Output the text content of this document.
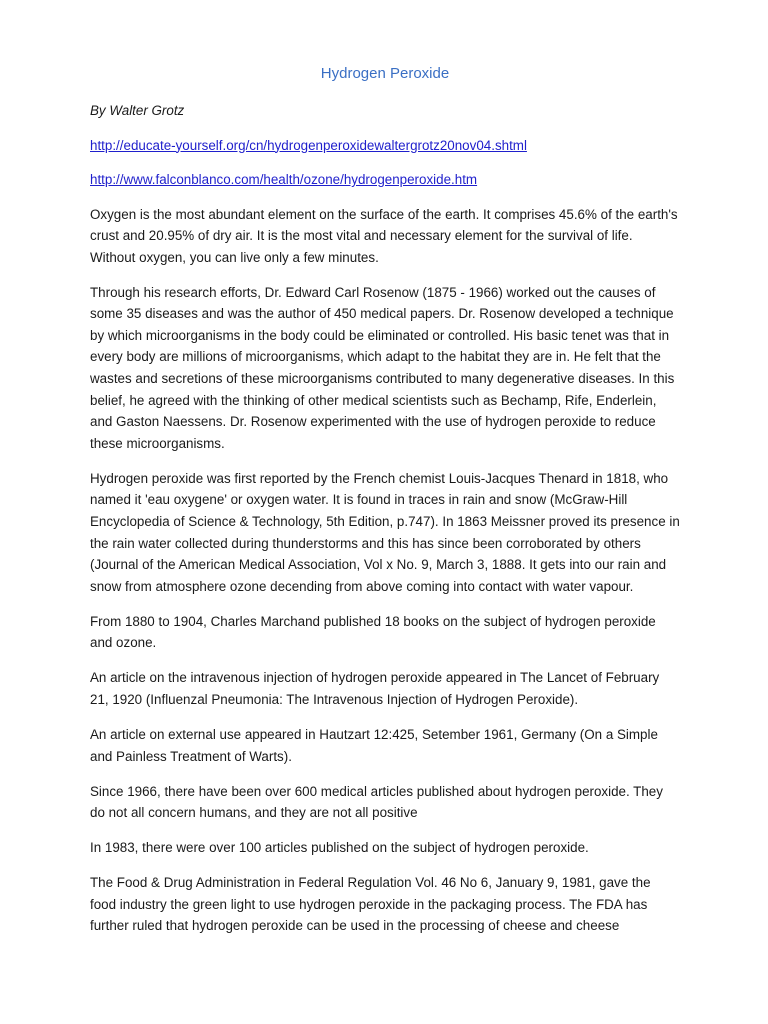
Hydrogen Peroxide

By Walter Grotz

http://educate-yourself.org/cn/hydrogenperoxidewaltergrotz20nov04.shtml
http://www.falconblanco.com/health/ozone/hydrogenperoxide.htm

Oxygen is the most abundant element on the surface of the earth. It comprises 45.6% of the earth's crust and 20.95% of dry air. It is the most vital and necessary element for the survival of life. Without oxygen, you can live only a few minutes.

Through his research efforts, Dr. Edward Carl Rosenow (1875 - 1966) worked out the causes of some 35 diseases and was the author of 450 medical papers. Dr. Rosenow developed a technique by which microorganisms in the body could be eliminated or controlled. His basic tenet was that in every body are millions of microorganisms, which adapt to the habitat they are in. He felt that the wastes and secretions of these microorganisms contributed to many degenerative diseases. In this belief, he agreed with the thinking of other medical scientists such as Bechamp, Rife, Enderlein, and Gaston Naessens. Dr. Rosenow experimented with the use of hydrogen peroxide to reduce these microorganisms.

Hydrogen peroxide was first reported by the French chemist Louis-Jacques Thenard in 1818, who named it 'eau oxygene' or oxygen water. It is found in traces in rain and snow (McGraw-Hill Encyclopedia of Science & Technology, 5th Edition, p.747). In 1863 Meissner proved its presence in the rain water collected during thunderstorms and this has since been corroborated by others (Journal of the American Medical Association, Vol x No. 9, March 3, 1888. It gets into our rain and snow from atmosphere ozone decending from above coming into contact with water vapour.

From 1880 to 1904, Charles Marchand published 18 books on the subject of hydrogen peroxide and ozone.

An article on the intravenous injection of hydrogen peroxide appeared in The Lancet of February 21, 1920 (Influenzal Pneumonia: The Intravenous Injection of Hydrogen Peroxide).

An article on external use appeared in Hautzart 12:425, Setember 1961, Germany (On a Simple and Painless Treatment of Warts).

Since 1966, there have been over 600 medical articles published about hydrogen peroxide. They do not all concern humans, and they are not all positive

In 1983, there were over 100 articles published on the subject of hydrogen peroxide.

The Food & Drug Administration in Federal Regulation Vol. 46 No 6, January 9, 1981, gave the food industry the green light to use hydrogen peroxide in the packaging process. The FDA has further ruled that hydrogen peroxide can be used in the processing of cheese and cheese
